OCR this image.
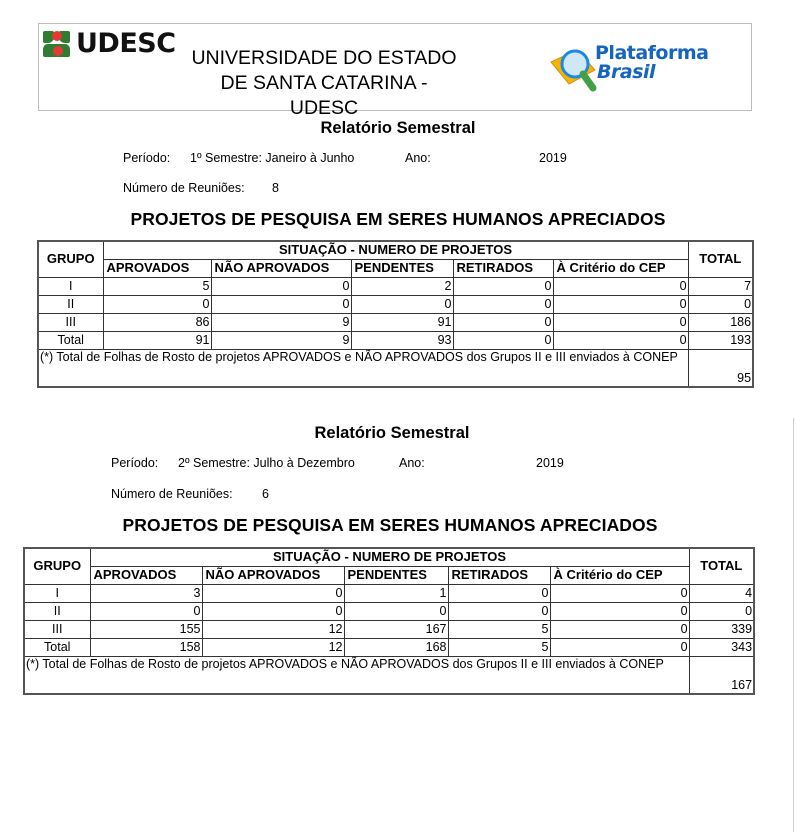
UDESC UNIVERSIDADE DO ESTADO
DE SANTA CATARINA - UDESC
Plataforma
Brasil
Relatório Semestral
Período: 1º Semestre: Janeiro à Junho	Ano:	2019
Número de Reuniões: 8
PROJETOS DE PESQUISA EM SERES HUMANOS APRECIADOS
GRUPO	SITUAÇÃO - NUMERO DE PROJETOS					TOTAL
	APROVADOS	NÃO APROVADOS	PENDENTES	RETIRADOS	À Critério do CEP	
I	5	0	2	0	0	7
II	0	0	0	0	0	0
III	86	9	91	0	0	186
Total	91	9	93	0	0	193
(*) Total de Folhas de Rosto de projetos APROVADOS e NÃO APROVADOS dos Grupos II e III enviados à CONEP						95
Relatório Semestral
Período: 2º Semestre: Julho à Dezembro	Ano:	2019
Número de Reuniões: 6
PROJETOS DE PESQUISA EM SERES HUMANOS APRECIADOS
GRUPO	SITUAÇÃO - NUMERO DE PROJETOS					TOTAL
	APROVADOS	NÃO APROVADOS	PENDENTES	RETIRADOS	À Critério do CEP	
I	3	0	1	0	0	4
II	0	0	0	0	0	0
III	155	12	167	5	0	339
Total	158	12	168	5	0	343
(*) Total de Folhas de Rosto de projetos APROVADOS e NÃO APROVADOS dos Grupos II e III enviados à CONEP						167
